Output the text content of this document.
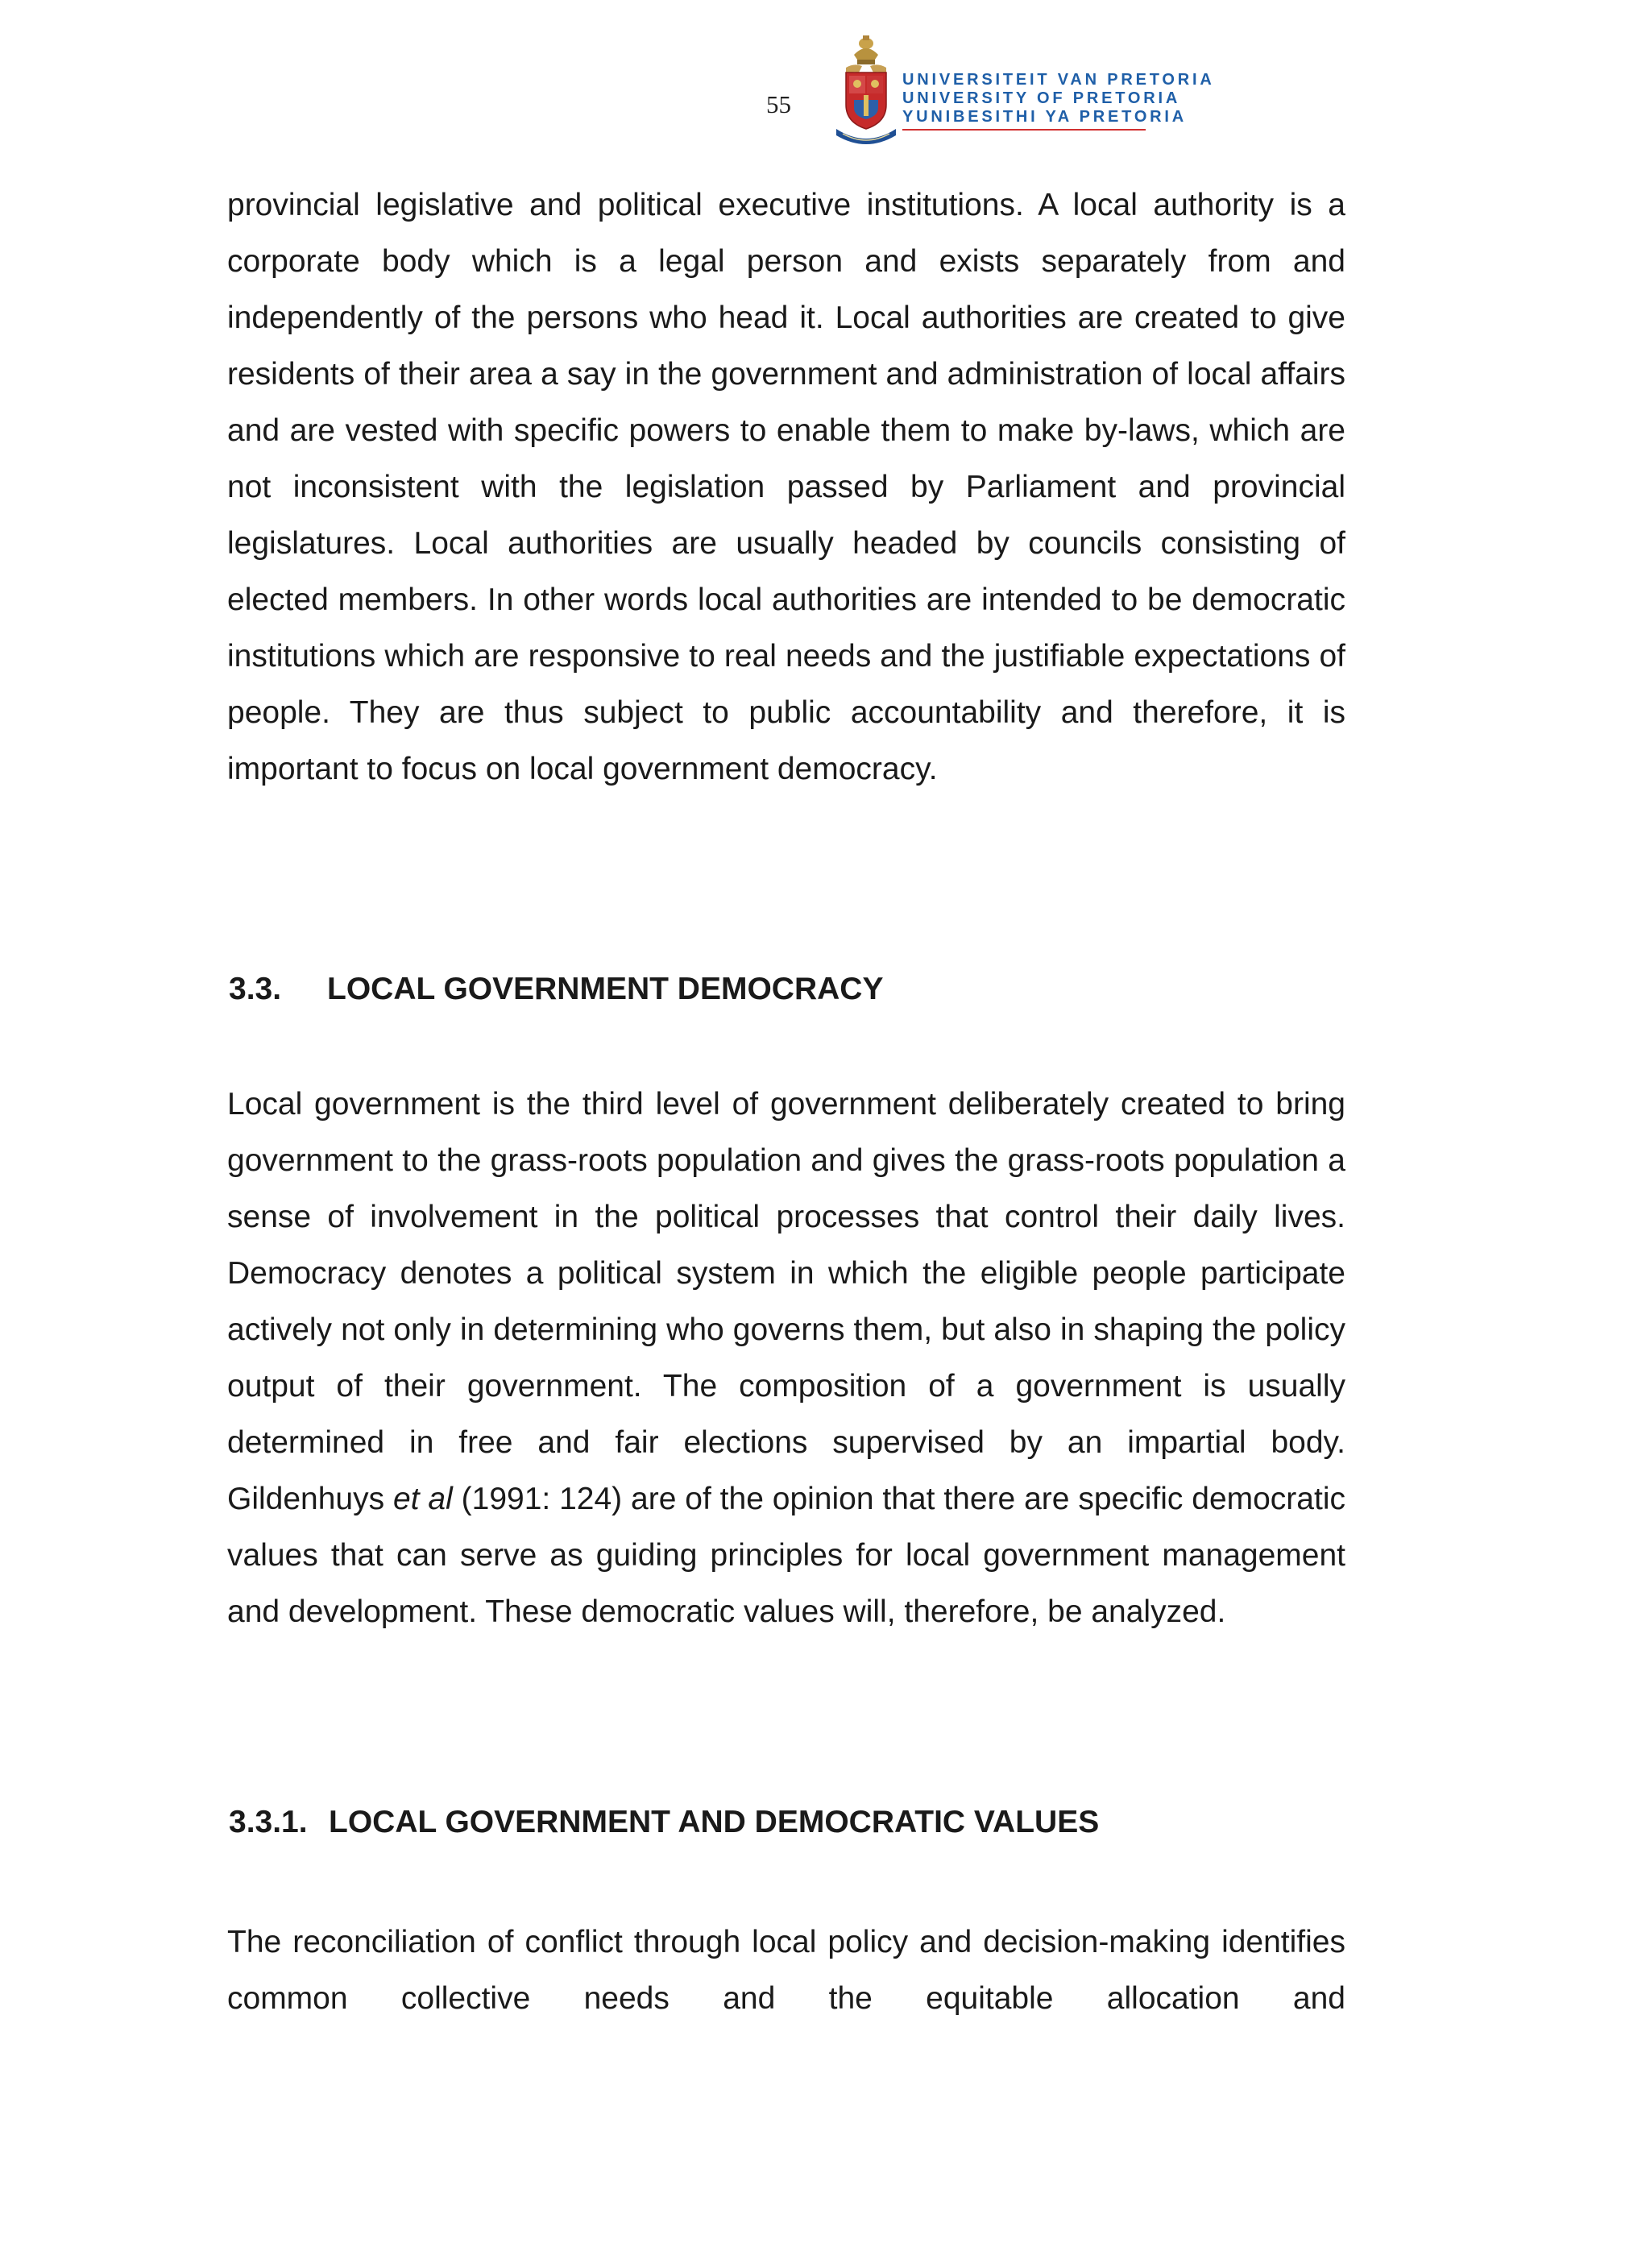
55
UNIVERSITEIT VAN PRETORIA
UNIVERSITY OF PRETORIA
YUNIBESITHI YA PRETORIA
provincial legislative and political executive institutions. A local authority is a corporate body which is a legal person and exists separately from and independently of the persons who head it. Local authorities are created to give residents of their area a say in the government and administration of local affairs and are vested with specific powers to enable them to make by-laws, which are not inconsistent with the legislation passed by Parliament and provincial legislatures. Local authorities are usually headed by councils consisting of elected members. In other words local authorities are intended to be democratic institutions which are responsive to real needs and the justifiable expectations of people. They are thus subject to public accountability and therefore, it is important to focus on local government democracy.
3.3. LOCAL GOVERNMENT DEMOCRACY
Local government is the third level of government deliberately created to bring government to the grass-roots population and gives the grass-roots population a sense of involvement in the political processes that control their daily lives. Democracy denotes a political system in which the eligible people participate actively not only in determining who governs them, but also in shaping the policy output of their government. The composition of a government is usually determined in free and fair elections supervised by an impartial body. Gildenhuys et al (1991: 124) are of the opinion that there are specific democratic values that can serve as guiding principles for local government management and development. These democratic values will, therefore, be analyzed.
3.3.1. LOCAL GOVERNMENT AND DEMOCRATIC VALUES
The reconciliation of conflict through local policy and decision-making identifies common collective needs and the equitable allocation and
